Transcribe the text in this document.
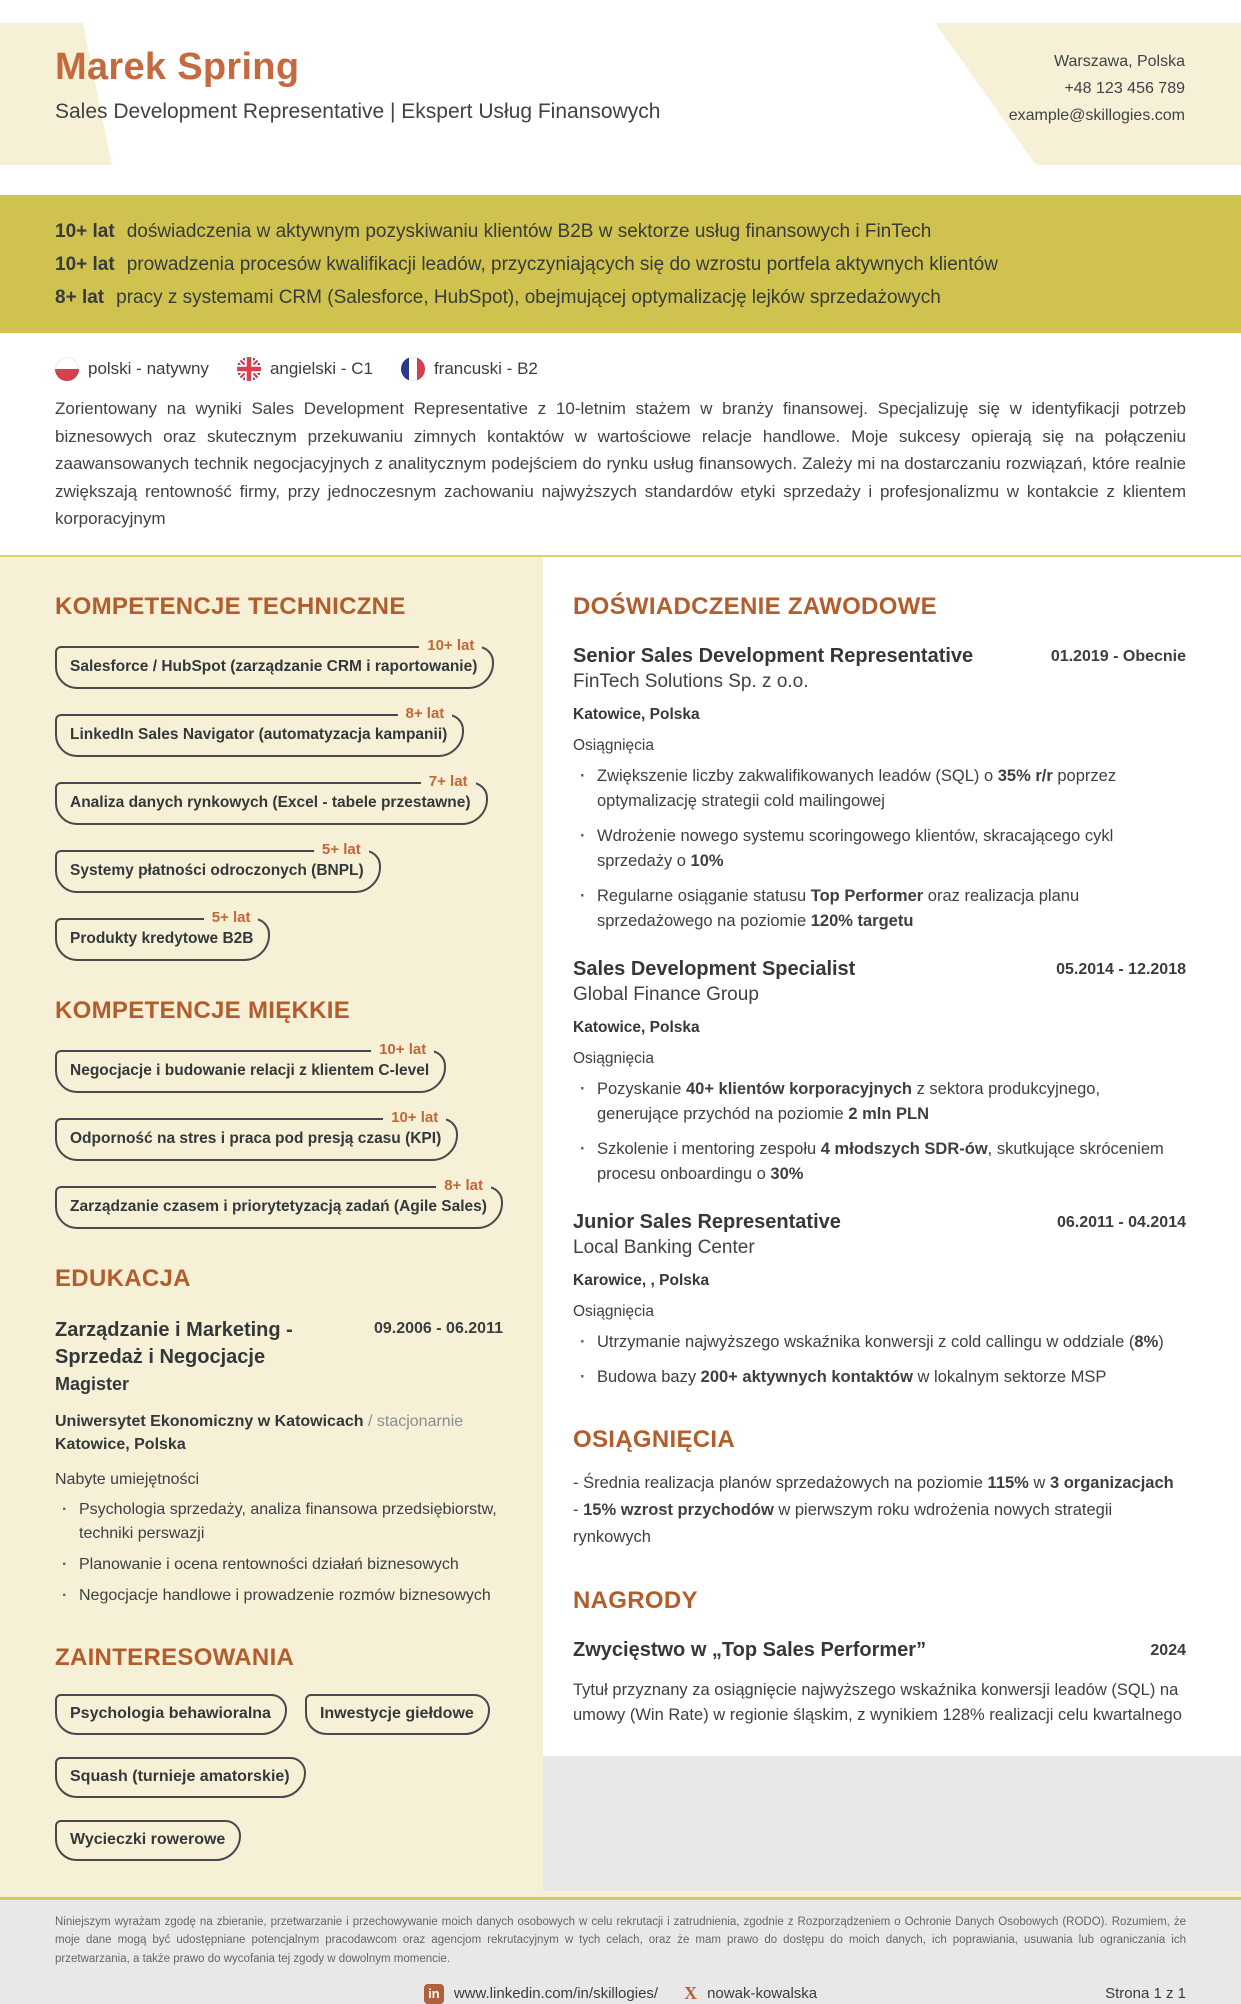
Marek Spring
Sales Development Representative | Ekspert Usług Finansowych
Warszawa, Polska
+48 123 456 789
example@skillogies.com
10+ lat doświadczenia w aktywnym pozyskiwaniu klientów B2B w sektorze usług finansowych i FinTech
10+ lat prowadzenia procesów kwalifikacji leadów, przyczyniających się do wzrostu portfela aktywnych klientów
8+ lat pracy z systemami CRM (Salesforce, HubSpot), obejmującej optymalizację lejków sprzedażowych
polski - natywny	angielski - C1	francuski - B2
Zorientowany na wyniki Sales Development Representative z 10-letnim stażem w branży finansowej. Specjalizuję się w identyfikacji potrzeb biznesowych oraz skutecznym przekuwaniu zimnych kontaktów w wartościowe relacje handlowe. Moje sukcesy opierają się na połączeniu zaawansowanych technik negocjacyjnych z analitycznym podejściem do rynku usług finansowych. Zależy mi na dostarczaniu rozwiązań, które realnie zwiększają rentowność firmy, przy jednoczesnym zachowaniu najwyższych standardów etyki sprzedaży i profesjonalizmu w kontakcie z klientem korporacyjnym
KOMPETENCJE TECHNICZNE
Salesforce / HubSpot (zarządzanie CRM i raportowanie)
10+ lat
LinkedIn Sales Navigator (automatyzacja kampanii)
8+ lat
Analiza danych rynkowych (Excel - tabele przestawne)
7+ lat
Systemy płatności odroczonych (BNPL)
5+ lat
Produkty kredytowe B2B
5+ lat
KOMPETENCJE MIĘKKIE
Negocjacje i budowanie relacji z klientem C-level
10+ lat
Odporność na stres i praca pod presją czasu (KPI)
10+ lat
Zarządzanie czasem i priorytetyzacją zadań (Agile Sales)
8+ lat
EDUKACJA
Zarządzanie i Marketing - Sprzedaż i Negocjacje
09.2006 - 06.2011
Magister
Uniwersytet Ekonomiczny w Katowicach / stacjonarnie
Katowice, Polska
Nabyte umiejętności
· Psychologia sprzedaży, analiza finansowa przedsiębiorstw, techniki perswazji
· Planowanie i ocena rentowności działań biznesowych
· Negocjacje handlowe i prowadzenie rozmów biznesowych
ZAINTERESOWANIA
Psychologia behawioralna	Inwestycje giełdowe
Squash (turnieje amatorskie)
Wycieczki rowerowe
DOŚWIADCZENIE ZAWODOWE
Senior Sales Development Representative	01.2019 - Obecnie
FinTech Solutions Sp. z o.o.
Katowice, Polska
Osiągnięcia
· Zwiększenie liczby zakwalifikowanych leadów (SQL) o 35% r/r poprzez optymalizację strategii cold mailingowej
· Wdrożenie nowego systemu scoringowego klientów, skracającego cykl sprzedaży o 10%
· Regularne osiąganie statusu Top Performer oraz realizacja planu sprzedażowego na poziomie 120% targetu
Sales Development Specialist	05.2014 - 12.2018
Global Finance Group
Katowice, Polska
Osiągnięcia
· Pozyskanie 40+ klientów korporacyjnych z sektora produkcyjnego, generujące przychód na poziomie 2 mln PLN
· Szkolenie i mentoring zespołu 4 młodszych SDR-ów, skutkujące skróceniem procesu onboardingu o 30%
Junior Sales Representative	06.2011 - 04.2014
Local Banking Center
Karowice, , Polska
Osiągnięcia
· Utrzymanie najwyższego wskaźnika konwersji z cold callingu w oddziale (8%)
· Budowa bazy 200+ aktywnych kontaktów w lokalnym sektorze MSP
OSIĄGNIĘCIA
- Średnia realizacja planów sprzedażowych na poziomie 115% w 3 organizacjach
- 15% wzrost przychodów w pierwszym roku wdrożenia nowych strategii rynkowych
NAGRODY
Zwycięstwo w „Top Sales Performer”	2024
Tytuł przyznany za osiągnięcie najwyższego wskaźnika konwersji leadów (SQL) na umowy (Win Rate) w regionie śląskim, z wynikiem 128% realizacji celu kwartalnego
Niniejszym wyrażam zgodę na zbieranie, przetwarzanie i przechowywanie moich danych osobowych w celu rekrutacji i zatrudnienia, zgodnie z Rozporządzeniem o Ochronie Danych Osobowych (RODO). Rozumiem, że moje dane mogą być udostępniane potencjalnym pracodawcom oraz agencjom rekrutacyjnym w tych celach, oraz że mam prawo do dostępu do moich danych, ich poprawiania, usuwania lub ograniczania ich przetwarzania, a także prawo do wycofania tej zgody w dowolnym momencie.
in www.linkedin.com/in/skillogies/ X nowak-kowalska	Strona 1 z 1
